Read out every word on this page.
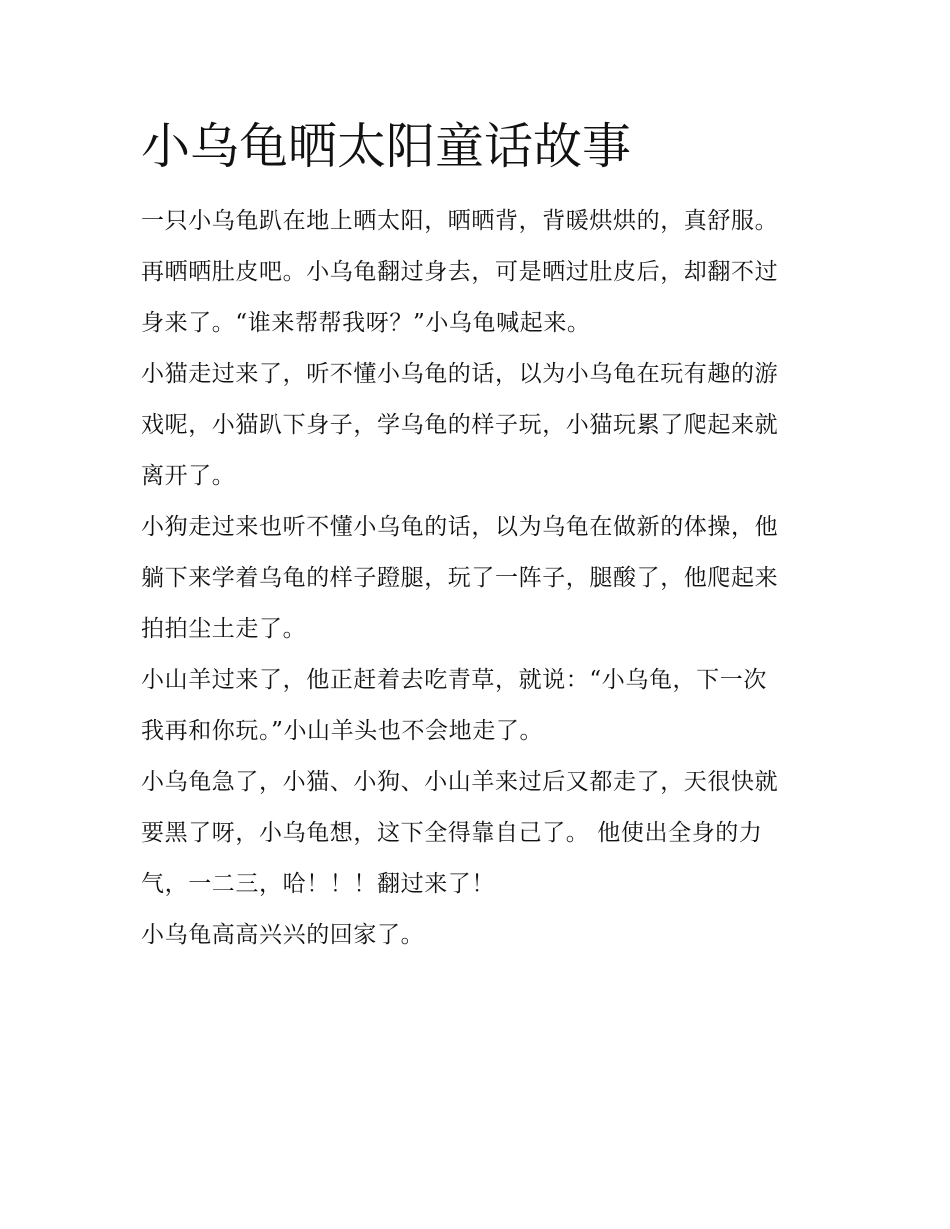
小乌龟晒太阳童话故事

一只小乌龟趴在地上晒太阳，晒晒背，背暖烘烘的，真舒服。
再晒晒肚皮吧。小乌龟翻过身去，可是晒过肚皮后，却翻不过
身来了。“谁来帮帮我呀？”小乌龟喊起来。

小猫走过来了，听不懂小乌龟的话，以为小乌龟在玩有趣的游
戏呢，小猫趴下身子，学乌龟的样子玩，小猫玩累了爬起来就
离开了。

小狗走过来也听不懂小乌龟的话，以为乌龟在做新的体操，他
躺下来学着乌龟的样子蹬腿，玩了一阵子，腿酸了，他爬起来
拍拍尘土走了。

小山羊过来了，他正赶着去吃青草，就说：“小乌龟，下一次
我再和你玩。”小山羊头也不会地走了。

小乌龟急了，小猫、小狗、小山羊来过后又都走了，天很快就
要黑了呀，小乌龟想，这下全得靠自己了。 他使出全身的力
气，一二三，哈！！！翻过来了！

小乌龟高高兴兴的回家了。
